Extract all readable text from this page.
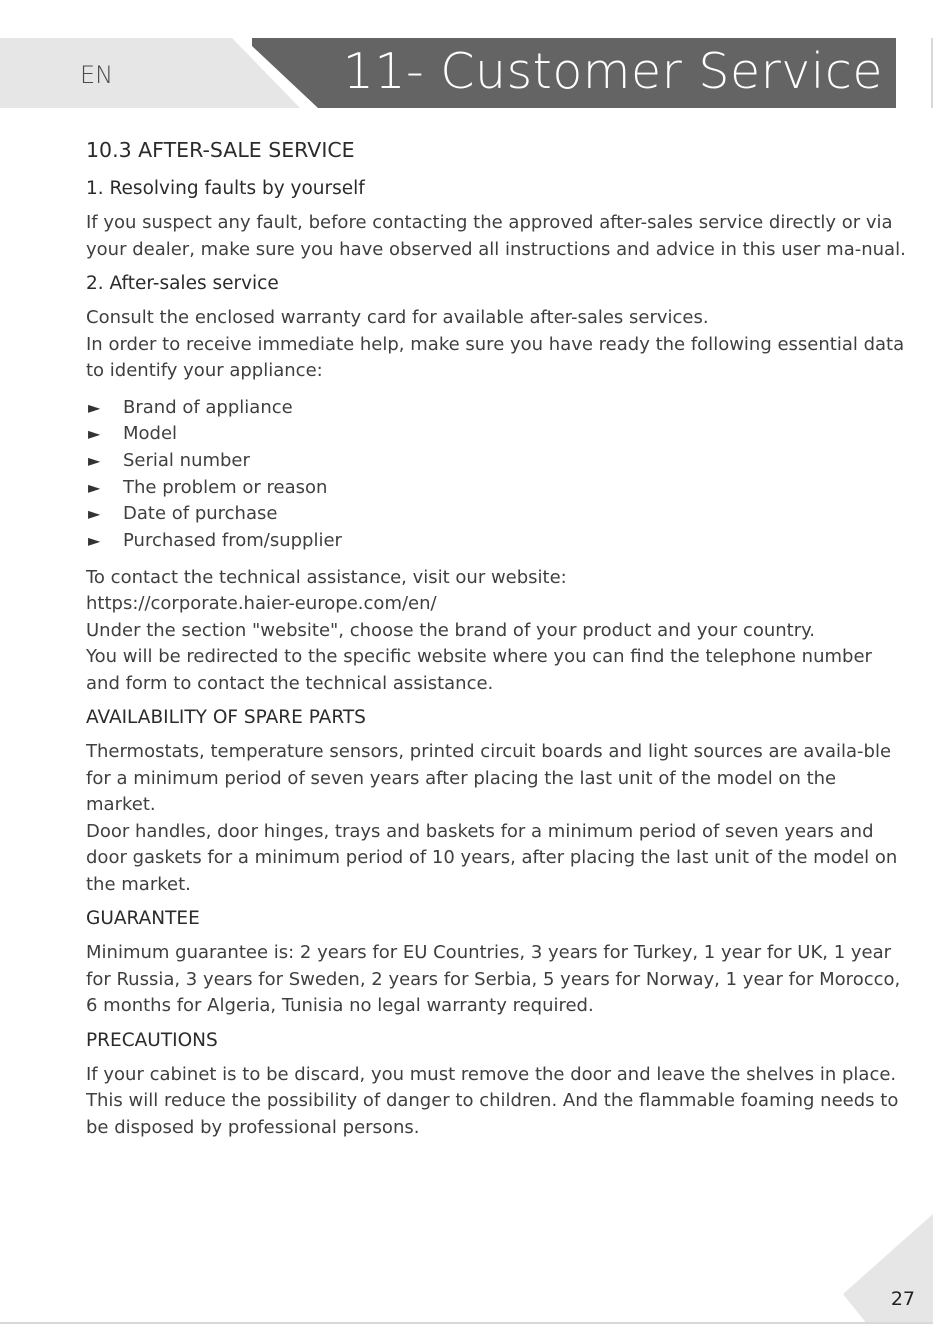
EN	11- Customer Service
10.3 AFTER-SALE SERVICE
1. Resolving faults by yourself

If you suspect any fault, before contacting the approved after-sales service directly or via your dealer, make sure you have observed all instructions and advice in this user ma-nual.

2. After-sales service

Consult the enclosed warranty card for available after-sales services.

In order to receive immediate help, make sure you have ready the following essential data to identify your appliance:

► Brand of appliance
► Model
► Serial number
► The problem or reason
► Date of purchase
► Purchased from/supplier

To contact the technical assistance, visit our website:

https://corporate.haier-europe.com/en/

Under the section "website", choose the brand of your product and your country.

You will be redirected to the specific website where you can find the telephone number and form to contact the technical assistance.

AVAILABILITY OF SPARE PARTS

Thermostats, temperature sensors, printed circuit boards and light sources are availa-ble for a minimum period of seven years after placing the last unit of the model on the market.

Door handles, door hinges, trays and baskets for a minimum period of seven years and door gaskets for a minimum period of 10 years, after placing the last unit of the model on the market.

GUARANTEE

Minimum guarantee is: 2 years for EU Countries, 3 years for Turkey, 1 year for UK, 1 year for Russia, 3 years for Sweden, 2 years for Serbia, 5 years for Norway, 1 year for Morocco, 6 months for Algeria, Tunisia no legal warranty required.

PRECAUTIONS

If your cabinet is to be discard, you must remove the door and leave the shelves in place. This will reduce the possibility of danger to children. And the flammable foaming needs to be disposed by professional persons.

27
